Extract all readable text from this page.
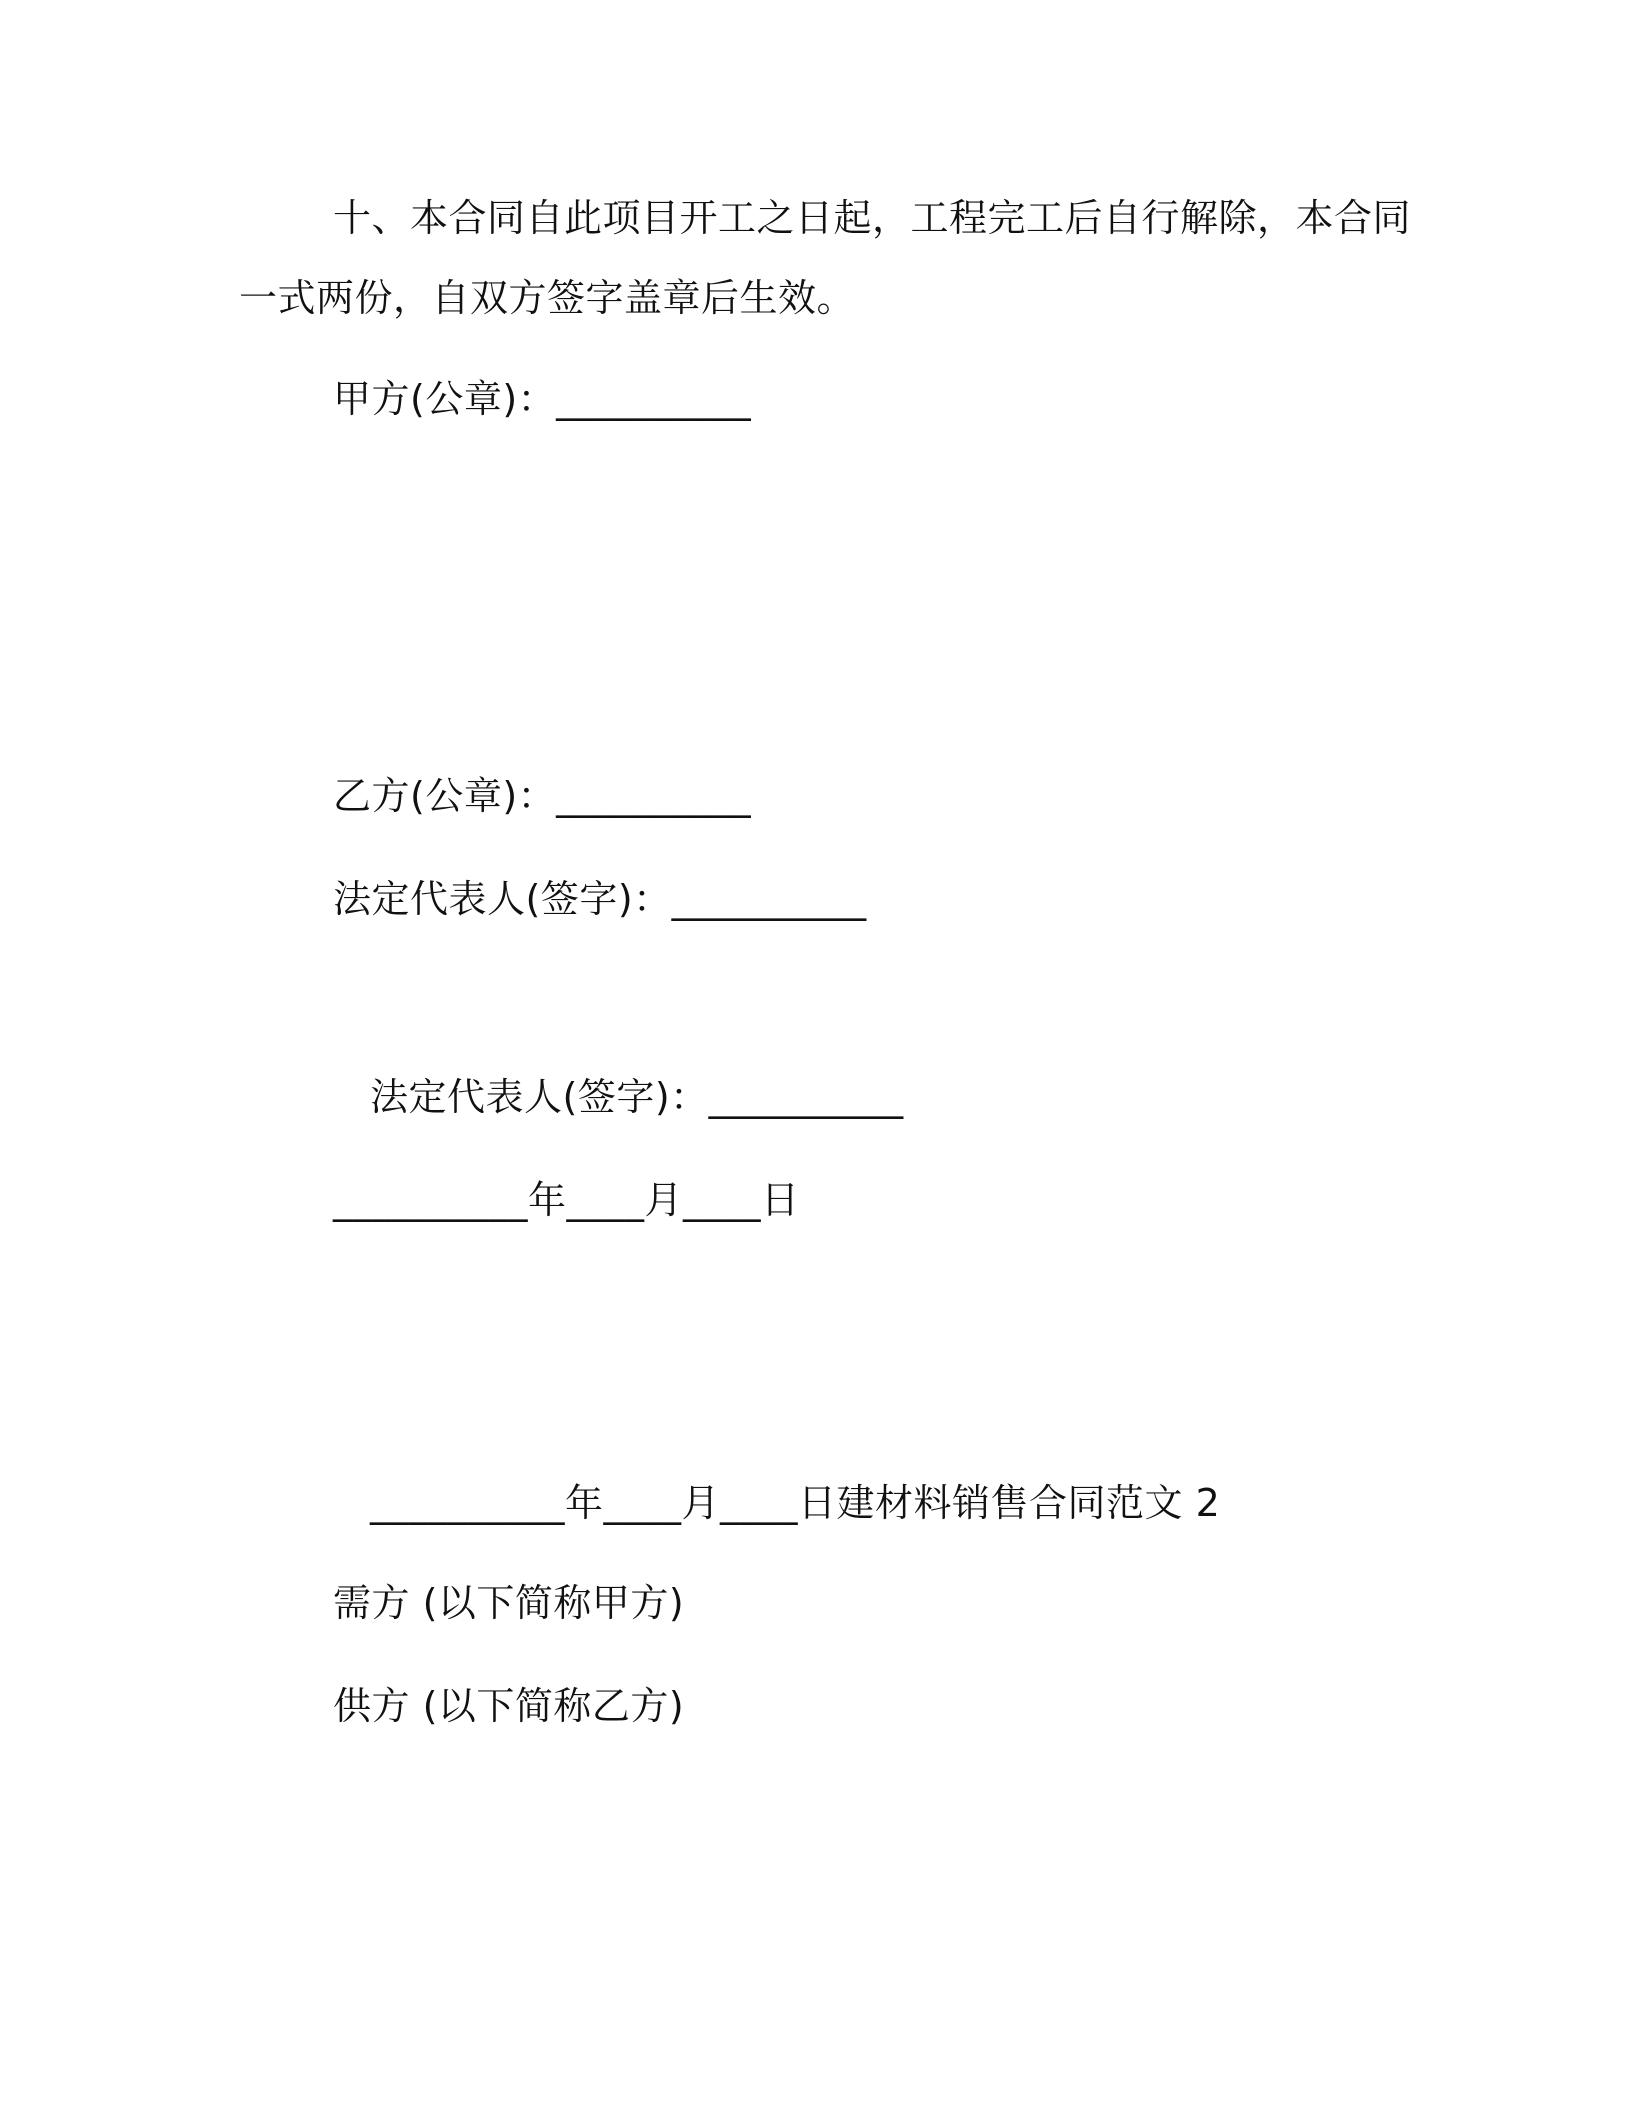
十、本合同自此项目开工之日起，工程完工后自行解除，本合同
一式两份，自双方签字盖章后生效。
甲方(公章)：__________
乙方(公章)：__________
法定代表人(签字)：__________
法定代表人(签字)：__________
__________年____月____日
__________年____月____日建材料销售合同范文 2
需方 (以下简称甲方)
供方 (以下简称乙方)
